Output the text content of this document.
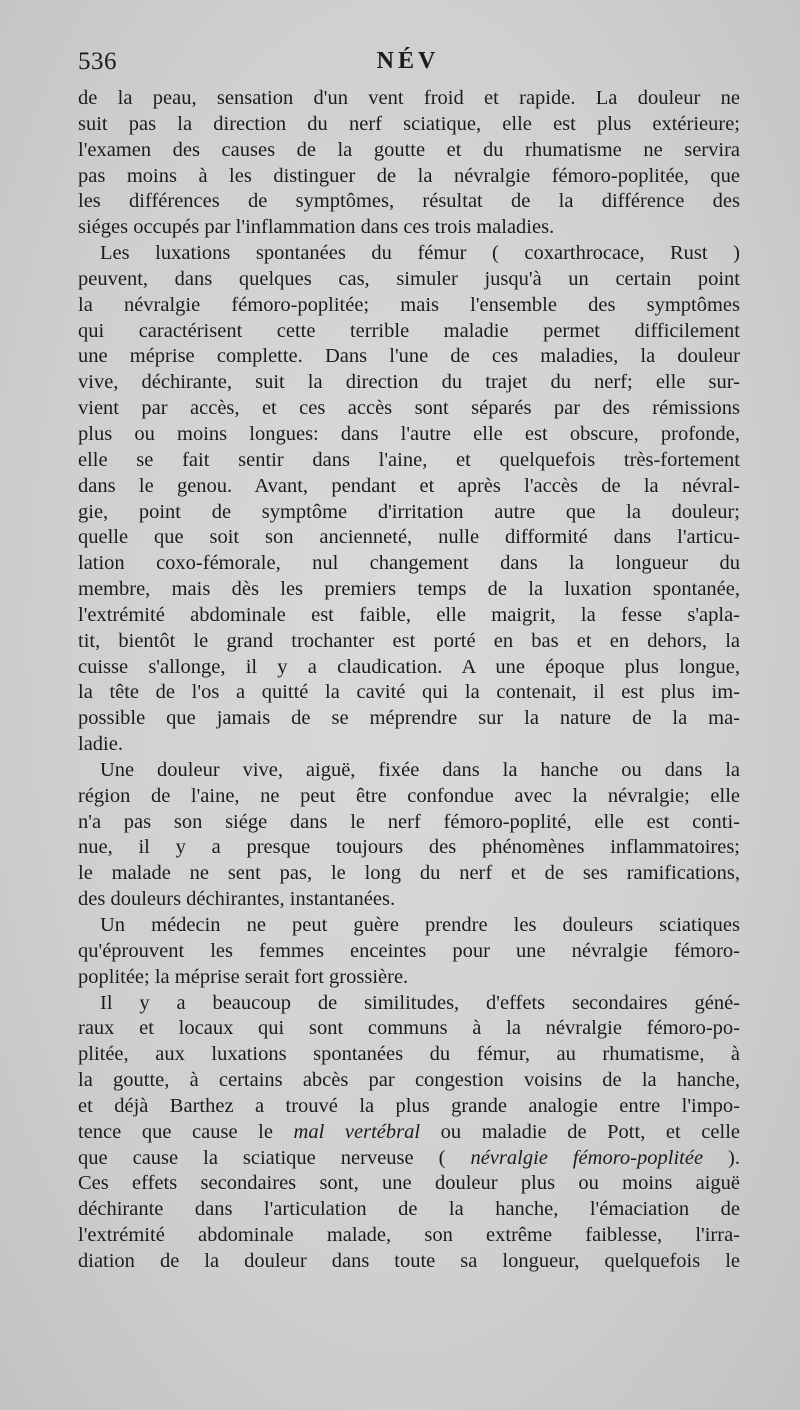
536	NÉV
de la peau, sensation d'un vent froid et rapide. La douleur ne
suit pas la direction du nerf sciatique, elle est plus extérieure;
l'examen des causes de la goutte et du rhumatisme ne servira
pas moins à les distinguer de la névralgie fémoro-poplitée, que
les différences de symptômes, résultat de la différence des
siéges occupés par l'inflammation dans ces trois maladies.
Les luxations spontanées du fémur ( coxarthrocace, Rust )
peuvent, dans quelques cas, simuler jusqu'à un certain point
la névralgie fémoro-poplitée; mais l'ensemble des symptômes
qui caractérisent cette terrible maladie permet difficilement
une méprise complette. Dans l'une de ces maladies, la douleur
vive, déchirante, suit la direction du trajet du nerf; elle sur-
vient par accès, et ces accès sont séparés par des rémissions
plus ou moins longues: dans l'autre elle est obscure, profonde,
elle se fait sentir dans l'aine, et quelquefois très-fortement
dans le genou. Avant, pendant et après l'accès de la névral-
gie, point de symptôme d'irritation autre que la douleur;
quelle que soit son ancienneté, nulle difformité dans l'articu-
lation coxo-fémorale, nul changement dans la longueur du
membre, mais dès les premiers temps de la luxation spontanée,
l'extrémité abdominale est faible, elle maigrit, la fesse s'apla-
tit, bientôt le grand trochanter est porté en bas et en dehors, la
cuisse s'allonge, il y a claudication. A une époque plus longue,
la tête de l'os a quitté la cavité qui la contenait, il est plus im-
possible que jamais de se méprendre sur la nature de la ma-
ladie.
Une douleur vive, aiguë, fixée dans la hanche ou dans la
région de l'aine, ne peut être confondue avec la névralgie; elle
n'a pas son siége dans le nerf fémoro-poplité, elle est conti-
nue, il y a presque toujours des phénomènes inflammatoires;
le malade ne sent pas, le long du nerf et de ses ramifications,
des douleurs déchirantes, instantanées.
Un médecin ne peut guère prendre les douleurs sciatiques
qu'éprouvent les femmes enceintes pour une névralgie fémoro-
poplitée; la méprise serait fort grossière.
Il y a beaucoup de similitudes, d'effets secondaires géné-
raux et locaux qui sont communs à la névralgie fémoro-po-
plitée, aux luxations spontanées du fémur, au rhumatisme, à
la goutte, à certains abcès par congestion voisins de la hanche,
et déjà Barthez a trouvé la plus grande analogie entre l'impo-
tence que cause le mal vertébral ou maladie de Pott, et celle
que cause la sciatique nerveuse ( névralgie fémoro-poplitée ).
Ces effets secondaires sont, une douleur plus ou moins aiguë
déchirante dans l'articulation de la hanche, l'émaciation de
l'extrémité abdominale malade, son extrême faiblesse, l'irra-
diation de la douleur dans toute sa longueur, quelquefois le
